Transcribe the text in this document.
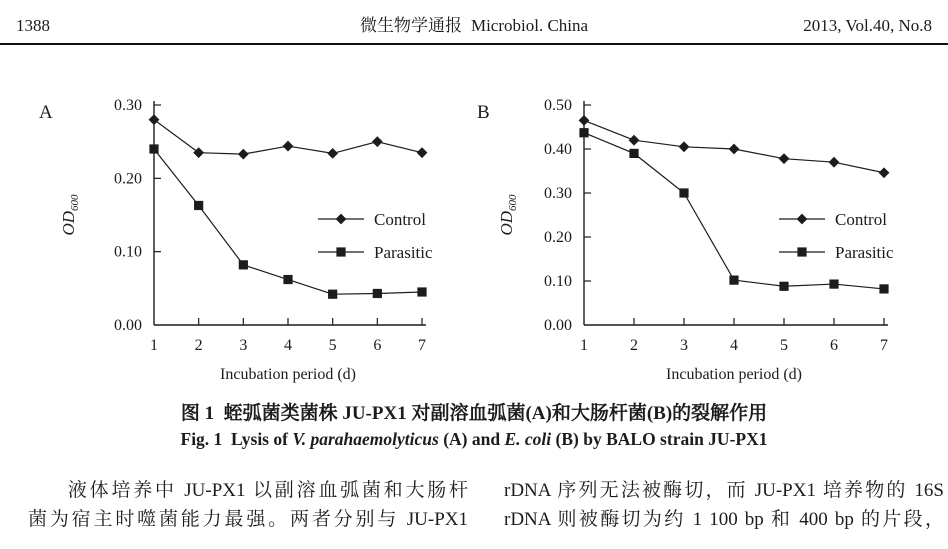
1388	微生物学通报 Microbiol. China	2013, Vol.40, No.8
A
0.00
0.10
0.20
0.30
1 2 3 4 5 6 7
Incubation period (d)
$OD_{600}$
Control
Parasitic
B
0.00
0.10
0.20
0.30
0.40
0.50
1	2	3	4	5	6	7
Incubation period (d)
$OD_{600}$
Control
Parasitic
图 1  蛭弧菌类菌株 JU-PX1 对副溶血弧菌(A)和大肠杆菌(B)的裂解作用
Fig. 1  Lysis of V. parahaemolyticus (A) and E. coli (B) by BALO strain JU-PX1
液体培养中 JU-PX1 以副溶血弧菌和大肠杆
菌为宿主时噬菌能力最强。两者分别与 JU-PX1
rDNA 序列无法被酶切，而 JU-PX1 培养物的 16S
rDNA 则被酶切为约 1 100 bp 和 400 bp 的片段，
